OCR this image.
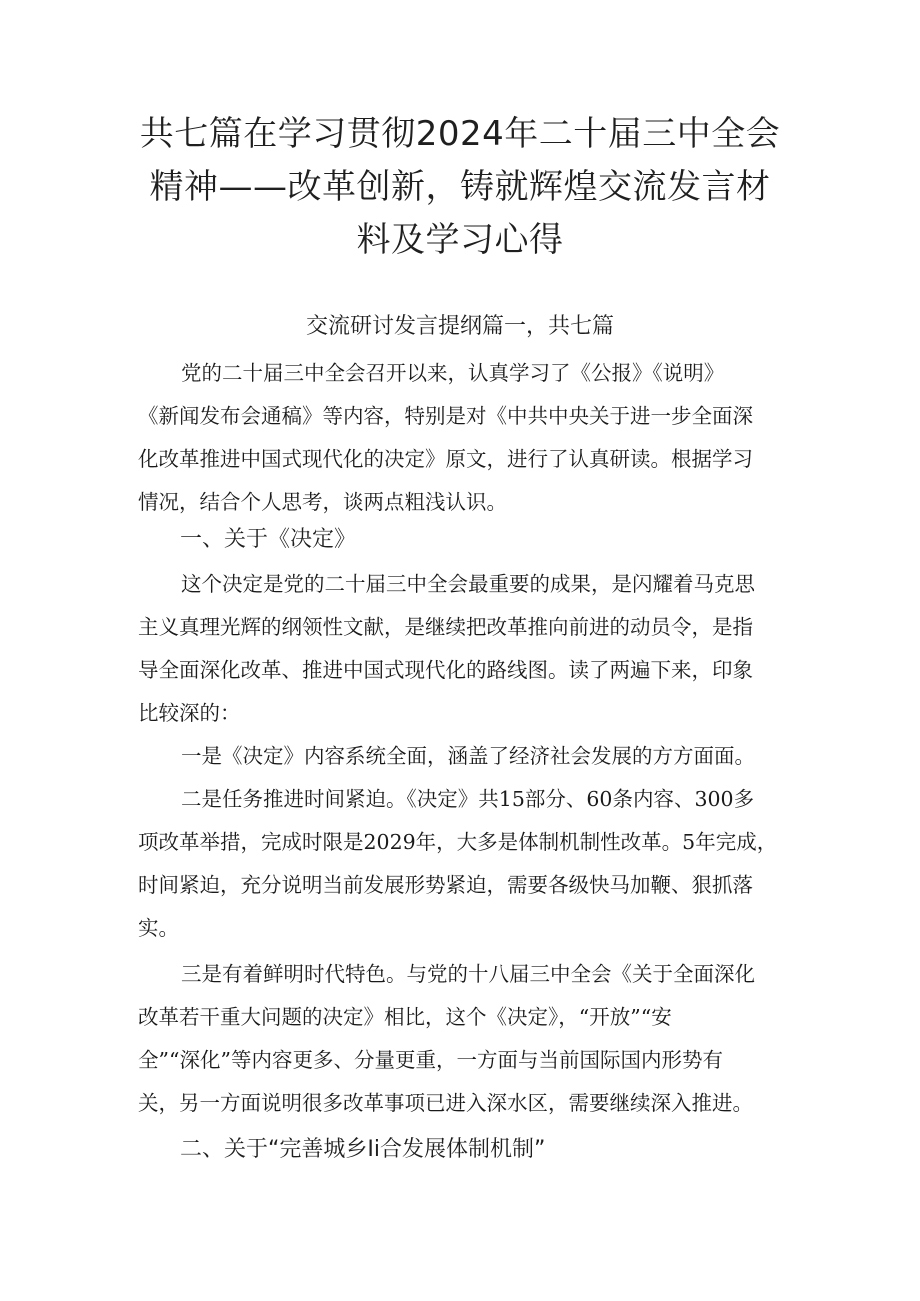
共七篇在学习贯彻2024年二十届三中全会
精神——改革创新，铸就辉煌交流发言材
料及学习心得
交流研讨发言提纲篇一，共七篇
党的二十届三中全会召开以来，认真学习了《公报》《说明》
《新闻发布会通稿》等内容，特别是对《中共中央关于进一步全面深
化改革推进中国式现代化的决定》原文，进行了认真研读。根据学习
情况，结合个人思考，谈两点粗浅认识。
一、关于《决定》
这个决定是党的二十届三中全会最重要的成果，是闪耀着马克思
主义真理光辉的纲领性文献，是继续把改革推向前进的动员令，是指
导全面深化改革、推进中国式现代化的路线图。读了两遍下来，印象
比较深的：
一是《决定》内容系统全面，涵盖了经济社会发展的方方面面。
二是任务推进时间紧迫。《决定》共15部分、60条内容、300多
项改革举措，完成时限是2029年，大多是体制机制性改革。5年完成，
时间紧迫，充分说明当前发展形势紧迫，需要各级快马加鞭、狠抓落
实。
三是有着鲜明时代特色。与党的十八届三中全会《关于全面深化
改革若干重大问题的决定》相比，这个《决定》，“开放”“安
全”“深化”等内容更多、分量更重，一方面与当前国际国内形势有
关，另一方面说明很多改革事项已进入深水区，需要继续深入推进。
二、关于“完善城乡Ii合发展体制机制”
